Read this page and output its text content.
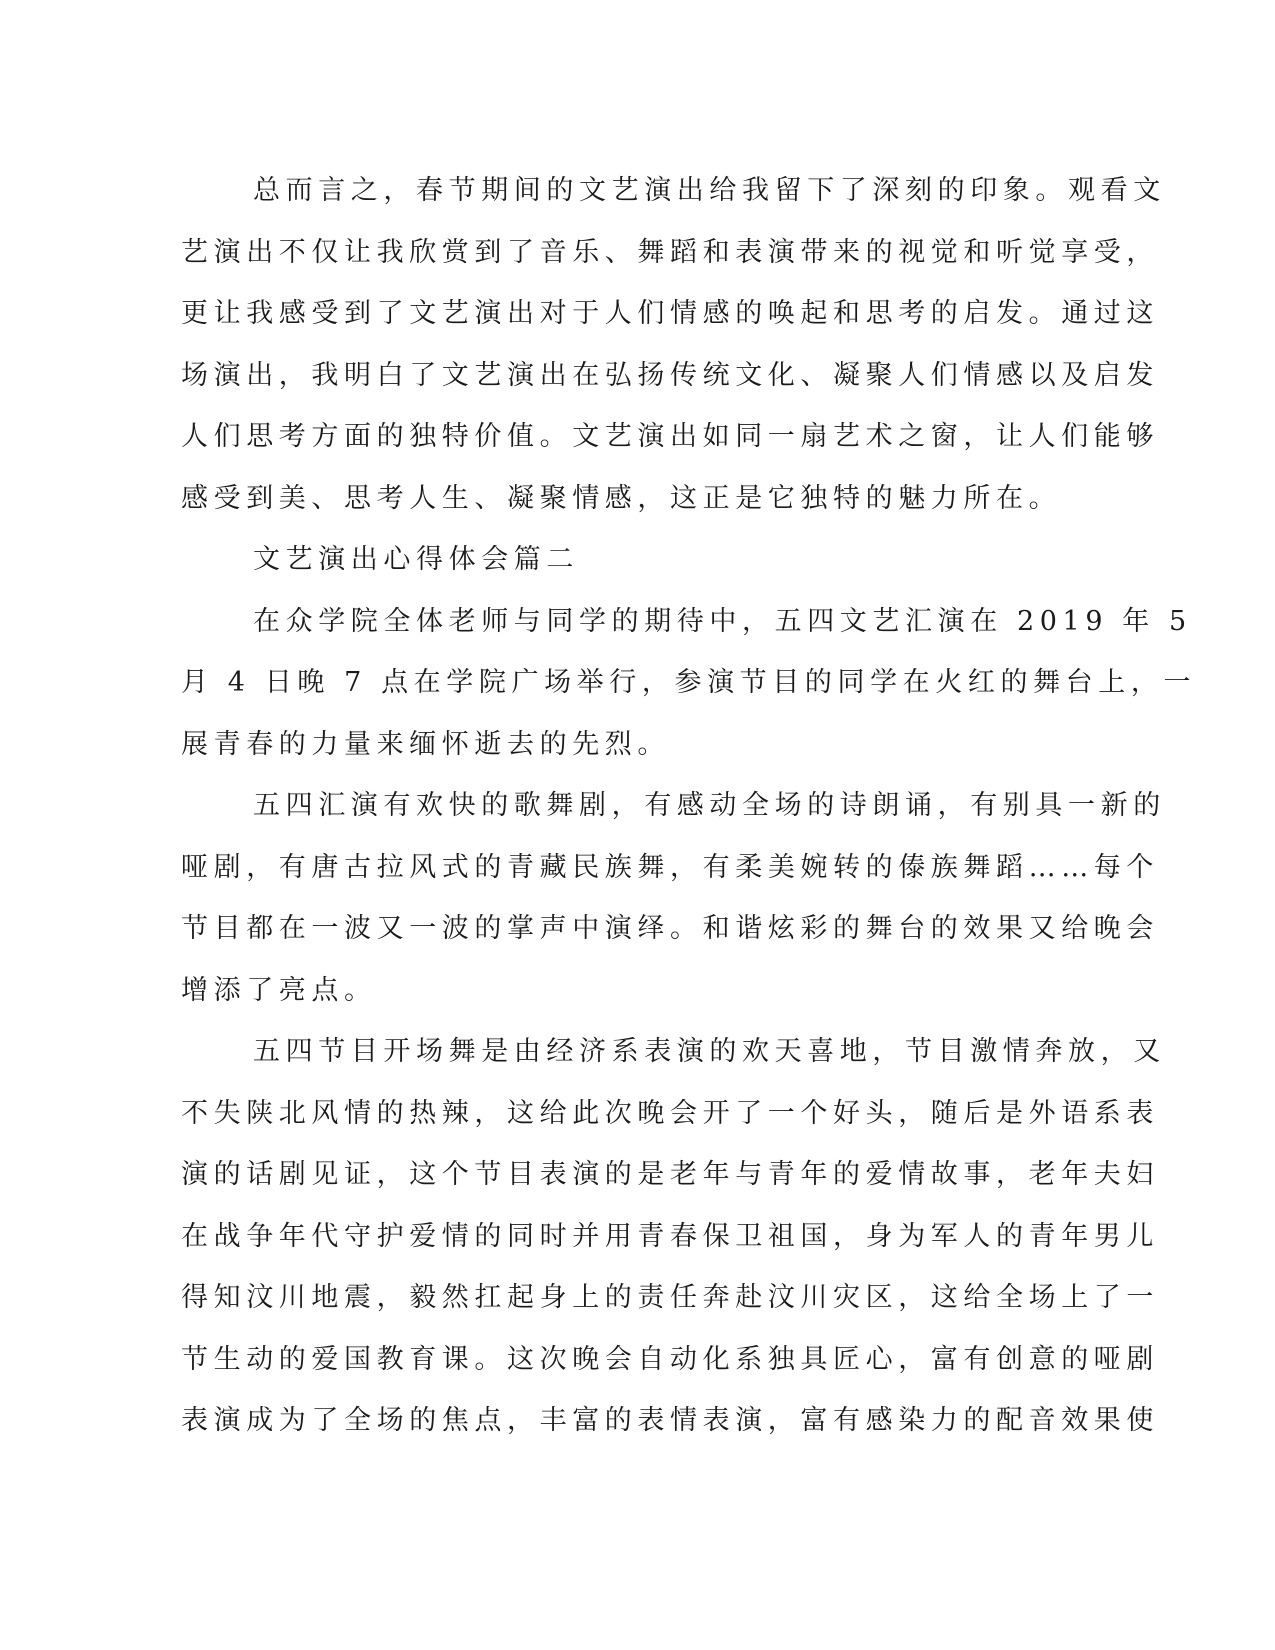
总而言之，春节期间的文艺演出给我留下了深刻的印象。观看文
艺演出不仅让我欣赏到了音乐、舞蹈和表演带来的视觉和听觉享受，
更让我感受到了文艺演出对于人们情感的唤起和思考的启发。通过这
场演出，我明白了文艺演出在弘扬传统文化、凝聚人们情感以及启发
人们思考方面的独特价值。文艺演出如同一扇艺术之窗，让人们能够
感受到美、思考人生、凝聚情感，这正是它独特的魅力所在。
文艺演出心得体会篇二
在众学院全体老师与同学的期待中，五四文艺汇演在 2019 年 5
月 4 日晚 7 点在学院广场举行，参演节目的同学在火红的舞台上，一
展青春的力量来缅怀逝去的先烈。
五四汇演有欢快的歌舞剧，有感动全场的诗朗诵，有别具一新的
哑剧，有唐古拉风式的青藏民族舞，有柔美婉转的傣族舞蹈……每个
节目都在一波又一波的掌声中演绎。和谐炫彩的舞台的效果又给晚会
增添了亮点。
五四节目开场舞是由经济系表演的欢天喜地，节目激情奔放，又
不失陕北风情的热辣，这给此次晚会开了一个好头，随后是外语系表
演的话剧见证，这个节目表演的是老年与青年的爱情故事，老年夫妇
在战争年代守护爱情的同时并用青春保卫祖国，身为军人的青年男儿
得知汶川地震，毅然扛起身上的责任奔赴汶川灾区，这给全场上了一
节生动的爱国教育课。这次晚会自动化系独具匠心，富有创意的哑剧
表演成为了全场的焦点，丰富的表情表演，富有感染力的配音效果使
